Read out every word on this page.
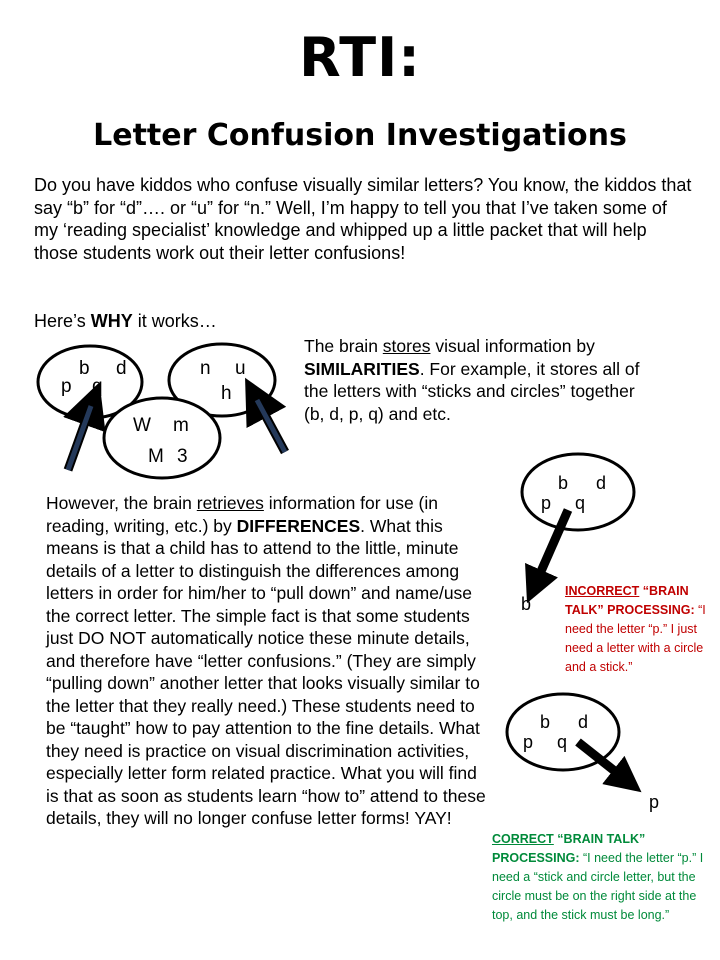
RTI:
Letter Confusion Investigations
Do you have kiddos who confuse visually similar letters? You know, the kiddos that say “b” for “d”…. or “u” for “n.” Well, I’m happy to tell you that I’ve taken some of my ‘reading specialist’ knowledge and whipped up a little packet that will help those students work out their letter confusions!
Here’s WHY it works…
The brain stores visual information by SIMILARITIES. For example, it stores all of the letters with “sticks and circles” together (b, d, p, q) and etc.
However, the brain retrieves information for use (in reading, writing, etc.) by DIFFERENCES. What this means is that a child has to attend to the little, minute details of a letter to distinguish the differences among letters in order for him/her to “pull down” and name/use the correct letter. The simple fact is that some students just DO NOT automatically notice these minute details, and therefore have “letter confusions.” (They are simply “pulling down” another letter that looks visually similar to the letter that they really need.) These students need to be “taught” how to pay attention to the fine details. What they need is practice on visual discrimination activities, especially letter form related practice. What you will find is that as soon as students learn “how to” attend to these details, they will no longer confuse letter forms! YAY!
b d
p q
n u
h
W m
M 3
b d
p q
b
b d
p q
p
INCORRECT “BRAIN TALK” PROCESSING: “I need the letter “p.” I just need a letter with a circle and a stick.”
CORRECT “BRAIN TALK” PROCESSING: “I need the letter “p.” I need a “stick and circle letter, but the circle must be on the right side at the top, and the stick must be long.”
